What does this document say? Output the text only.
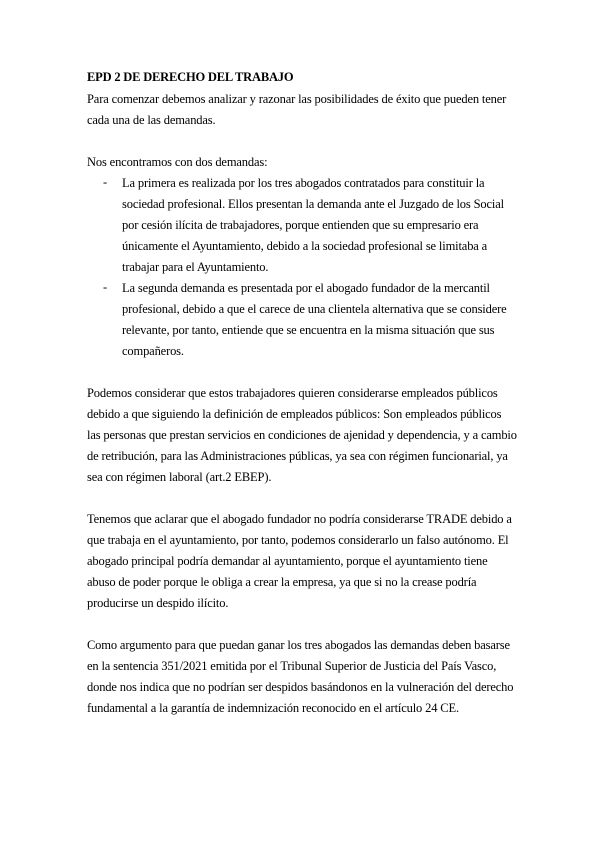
EPD 2 DE DERECHO DEL TRABAJO
Para comenzar debemos analizar y razonar las posibilidades de éxito que pueden tener
cada una de las demandas.
Nos encontramos con dos demandas:
- La primera es realizada por los tres abogados contratados para constituir la
sociedad profesional. Ellos presentan la demanda ante el Juzgado de los Social
por cesión ilícita de trabajadores, porque entienden que su empresario era
únicamente el Ayuntamiento, debido a la sociedad profesional se limitaba a
trabajar para el Ayuntamiento.
- La segunda demanda es presentada por el abogado fundador de la mercantil
profesional, debido a que el carece de una clientela alternativa que se considere
relevante, por tanto, entiende que se encuentra en la misma situación que sus
compañeros.
Podemos considerar que estos trabajadores quieren considerarse empleados públicos
debido a que siguiendo la definición de empleados públicos: Son empleados públicos
las personas que prestan servicios en condiciones de ajenidad y dependencia, y a cambio
de retribución, para las Administraciones públicas, ya sea con régimen funcionarial, ya
sea con régimen laboral (art.2 EBEP).
Tenemos que aclarar que el abogado fundador no podría considerarse TRADE debido a
que trabaja en el ayuntamiento, por tanto, podemos considerarlo un falso autónomo. El
abogado principal podría demandar al ayuntamiento, porque el ayuntamiento tiene
abuso de poder porque le obliga a crear la empresa, ya que si no la crease podría
producirse un despido ilícito.
Como argumento para que puedan ganar los tres abogados las demandas deben basarse
en la sentencia 351/2021 emitida por el Tribunal Superior de Justicia del País Vasco,
donde nos indica que no podrían ser despidos basándonos en la vulneración del derecho
fundamental a la garantía de indemnización reconocido en el artículo 24 CE.
